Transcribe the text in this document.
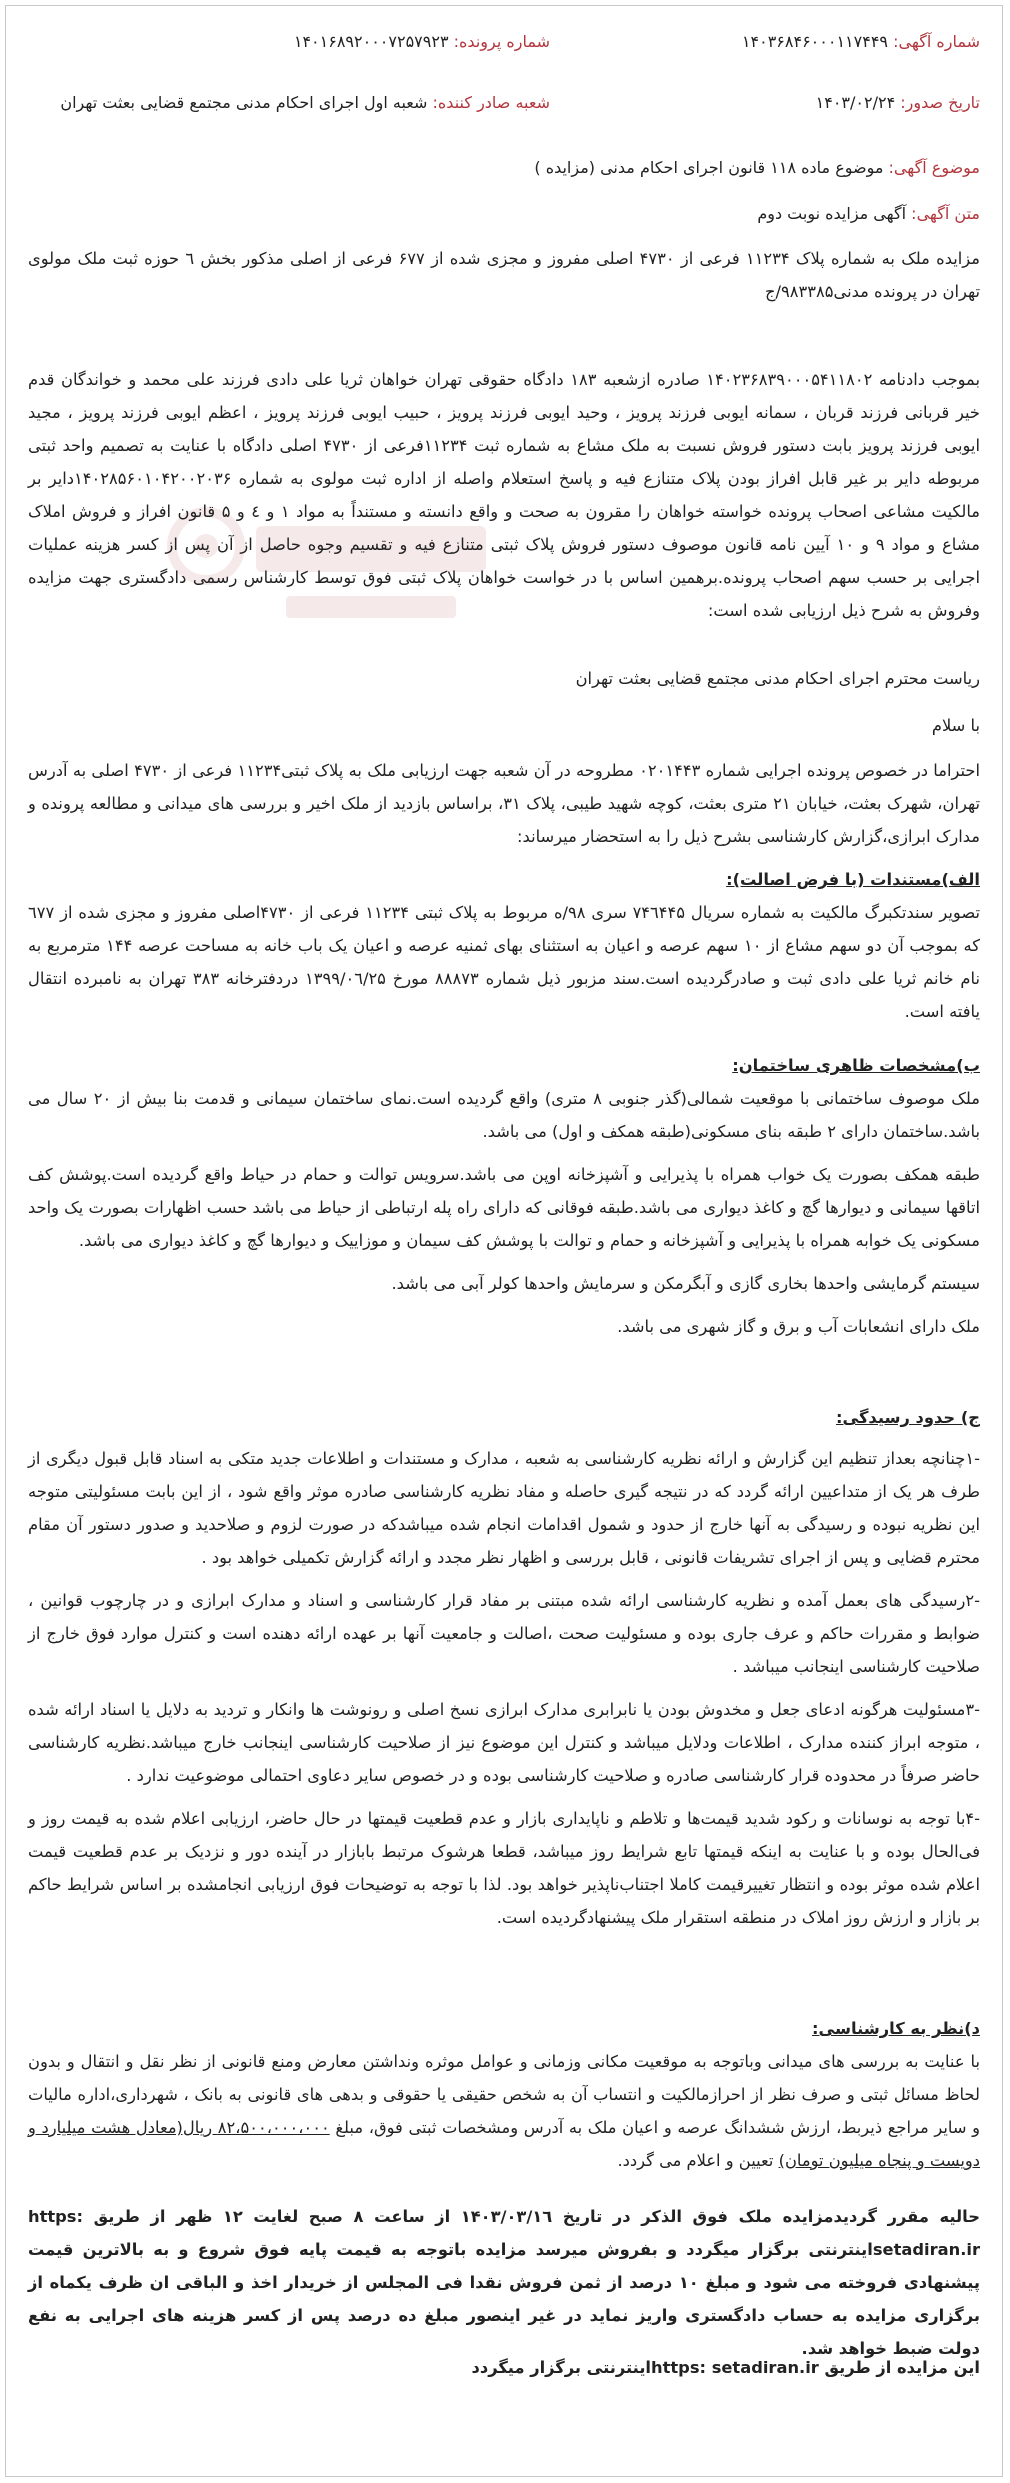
شماره آگهی: ۱۴۰۳۶۸۴۶۰۰۰۱۱۷۴۴۹
شماره پرونده: ۱۴۰۱۶۸۹۲۰۰۰۷۲۵۷۹۲۳
تاریخ صدور: ۱۴۰۳/۰۲/۲۴
شعبه صادر کننده: شعبه اول اجرای احکام مدنی مجتمع قضایی بعثت تهران
موضوع آگهی: موضوع ماده ۱۱۸ قانون اجرای احکام مدنی (مزایده )
متن آگهی: آگهی مزایده نوبت دوم

مزایده ملک به شماره پلاک ۱۱۲۳۴ فرعی از ۴۷۳۰ اصلی مفروز و مجزی شده از ۶۷۷ فرعی از اصلی مذکور بخش ٦ حوزه ثبت ملک مولوی تهران در پرونده مدنی۹۸۳۳۸۵/ج

بموجب دادنامه ۱۴۰۲۳۶۸۳۹۰۰۰۵۴۱۱۸۰۲ صادره ازشعبه ۱۸۳ دادگاه حقوقی تهران خواهان ثریا علی دادی فرزند علی محمد و خواندگان قدم خیر قربانی فرزند قربان ، سمانه ایوبی فرزند پرویز ، وحید ایوبی فرزند پرویز ، حبیب ایوبی فرزند پرویز ، اعظم ایوبی فرزند پرویز ، مجید ایوبی فرزند پرویز بابت دستور فروش نسبت به ملک مشاع به شماره ثبت ۱۱۲۳۴فرعی از ۴۷۳۰ اصلی دادگاه با عنایت به تصمیم واحد ثبتی مربوطه دایر بر غیر قابل افراز بودن پلاک متنازع فیه و پاسخ استعلام واصله از اداره ثبت مولوی به شماره ۱۴۰۲۸۵۶۰۱۰۴۲۰۰۲۰۳۶دایر بر مالکیت مشاعی اصحاب پرونده خواسته خواهان را مقرون به صحت و واقع دانسته و مستنداً به مواد ۱ و ٤ و ۵ قانون افراز و فروش املاک مشاع و مواد ۹ و ۱۰ آیین نامه قانون موصوف دستور فروش پلاک ثبتی متنازع فیه و تقسیم وجوه حاصل از آن پس از کسر هزینه عملیات اجرایی بر حسب سهم اصحاب پرونده.برهمین اساس با در خواست خواهان پلاک ثبتی فوق توسط کارشناس رسمی دادگستری جهت مزایده وفروش به شرح ذیل ارزیابی شده است:

ریاست محترم اجرای احکام مدنی مجتمع قضایی بعثت تهران

با سلام

احتراما در خصوص پرونده اجرایی شماره ۰۲۰۱۴۴۳ مطروحه در آن شعبه جهت ارزیابی ملک به پلاک ثبتی۱۱۲۳۴ فرعی از ۴۷۳۰ اصلی به آدرس تهران، شهرک بعثت، خیابان ۲۱ متری بعثت، کوچه شهید طیبی، پلاک ۳۱، براساس بازدید از ملک اخیر و بررسی های میدانی و مطالعه پرونده و مدارک ابرازی،گزارش کارشناسی بشرح ذیل را به استحضار میرساند:

الف)مستندات (با فرض اصالت):

تصویر سندتکبرگ مالکیت به شماره سریال ۷۴٦۴۴۵ سری ۹۸/ه مربوط به پلاک ثبتی ۱۱۲۳۴ فرعی از ۴۷۳۰اصلی مفروز و مجزی شده از ٦۷۷ که بموجب آن دو سهم مشاع از ۱۰ سهم عرصه و اعیان به استثنای بهای ثمنیه عرصه و اعیان یک باب خانه به مساحت عرصه ۱۴۴ مترمربع به نام خانم ثریا علی دادی ثبت و صادرگردیده است.سند مزبور ذیل شماره ۸۸۸۷۳ مورخ ۱۳۹۹/۰٦/۲۵ دردفترخانه ۳۸۳ تهران به نامبرده انتقال یافته است.

ب)مشخصات ظاهری ساختمان:

ملک موصوف ساختمانی با موقعیت شمالی(گذر جنوبی ۸ متری) واقع گردیده است.نمای ساختمان سیمانی و قدمت بنا بیش از ۲۰ سال می باشد.ساختمان دارای ۲ طبقه بنای مسکونی(طبقه همکف و اول) می باشد.

طبقه همکف بصورت یک خواب همراه با پذیرایی و آشپزخانه اوپن می باشد.سرویس توالت و حمام در حیاط واقع گردیده است.پوشش کف اتاقها سیمانی و دیوارها گچ و کاغذ دیواری می باشد.طبقه فوقانی که دارای راه پله ارتباطی از حیاط می باشد حسب اظهارات بصورت یک واحد مسکونی یک خوابه همراه با پذیرایی و آشپزخانه و حمام و توالت با پوشش کف سیمان و موزاییک و دیوارها گچ و کاغذ دیواری می باشد.

سیستم گرمایشی واحدها بخاری گازی و آبگرمکن و سرمایش واحدها کولر آبی می باشد.

ملک دارای انشعابات آب و برق و گاز شهری می باشد.

ج) حدود رسیدگی:

-۱چنانچه بعداز تنظیم این گزارش و ارائه نظریه کارشناسی به شعبه ، مدارک و مستندات و اطلاعات جدید متکی به اسناد قابل قبول دیگری از طرف هر یک از متداعیین ارائه گردد که در نتیجه گیری حاصله و مفاد نظریه کارشناسی صادره موثر واقع شود ، از این بابت مسئولیتی متوجه این نظریه نبوده و رسیدگی به آنها خارج از حدود و شمول اقدامات انجام شده میباشدکه در صورت لزوم و صلاحدید و صدور دستور آن مقام محترم قضایی و پس از اجرای تشریفات قانونی ، قابل بررسی و اظهار نظر مجدد و ارائه گزارش تکمیلی خواهد بود .

-۲رسیدگی های بعمل آمده و نظریه کارشناسی ارائه شده مبتنی بر مفاد قرار کارشناسی و اسناد و مدارک ابرازی و در چارچوب قوانین ، ضوابط و مقررات حاکم و عرف جاری بوده و مسئولیت صحت ،اصالت و جامعیت آنها بر عهده ارائه دهنده است و کنترل موارد فوق خارج از صلاحیت کارشناسی اینجانب میباشد .

-۳مسئولیت هرگونه ادعای جعل و مخدوش بودن یا نابرابری مدارک ابرازی نسخ اصلی و رونوشت ها وانکار و تردید به دلایل یا اسناد ارائه شده ، متوجه ابراز کننده مدارک ، اطلاعات ودلایل میباشد و کنترل این موضوع نیز از صلاحیت کارشناسی اینجانب خارج میباشد.نظریه کارشناسی حاضر صرفاً در محدوده قرار کارشناسی صادره و صلاحیت کارشناسی بوده و در خصوص سایر دعاوی احتمالی موضوعیت ندارد .

-۴با توجه به نوسانات و رکود شدید قیمت‌ها و تلاطم و ناپایداری بازار و عدم قطعیت قیمتها در حال حاضر، ارزیابی اعلام شده به قیمت روز و فی‌الحال بوده و با عنایت به اینکه قیمتها تابع شرایط روز میباشد، قطعا هرشوک مرتبط بابازار در آینده دور و نزدیک بر عدم قطعیت قیمت اعلام شده موثر بوده و انتظار تغییرقیمت کاملا اجتناب‌ناپذیر خواهد بود. لذا با توجه به توضیحات فوق ارزیابی انجامشده بر اساس شرایط حاکم بر بازار و ارزش روز املاک در منطقه استقرار ملک پیشنهادگردیده است.

د)نظر به کارشناسی:

با عنایت به بررسی های میدانی وباتوجه به موقعیت مکانی وزمانی و عوامل موثره ونداشتن معارض ومنع قانونی از نظر نقل و انتقال و بدون لحاظ مسائل ثبتی و صرف نظر از احرازمالکیت و انتساب آن به شخص حقیقی یا حقوقی و بدهی های قانونی به بانک ، شهرداری،اداره مالیات و سایر مراجع ذیربط، ارزش ششدانگ عرصه و اعیان ملک به آدرس ومشخصات ثبتی فوق، مبلغ ۸۲،۵۰۰،۰۰۰،۰۰۰ ریال(معادل هشت میلیارد و دویست و پنجاه میلیون تومان) تعیین و اعلام می گردد.

حالیه مقرر گردیدمزایده ملک فوق الذکر در تاریخ ۱۴۰۳/۰۳/۱٦ از ساعت ۸ صبح لغایت ۱۲ ظهر از طریق https: setadiran.irاینترنتی برگزار میگردد و بفروش میرسد مزایده باتوجه به قیمت پایه فوق شروع و به بالاترین قیمت پیشنهادی فروخته می شود و مبلغ ۱۰ درصد از ثمن فروش نقدا فی المجلس از خریدار اخذ و الباقی ان ظرف یکماه از برگزاری مزایده به حساب دادگستری واریز نماید در غیر اینصور مبلغ ده درصد پس از کسر هزینه های اجرایی به نفع دولت ضبط خواهد شد.

این مزایده از طریق https: setadiran.irاینترنتی برگزار میگردد
